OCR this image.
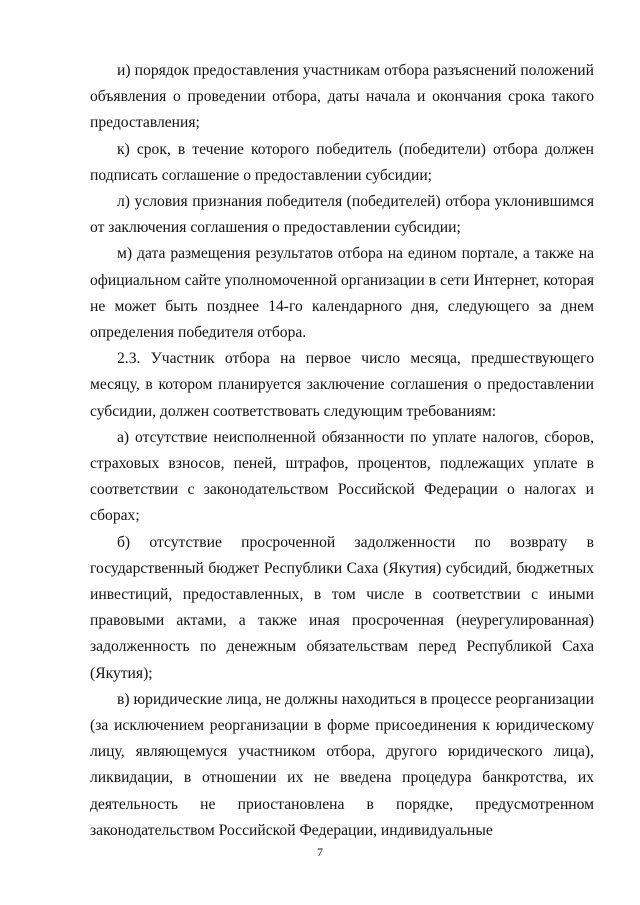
и) порядок предоставления участникам отбора разъяснений положений объявления о проведении отбора, даты начала и окончания срока такого предоставления;

к) срок, в течение которого победитель (победители) отбора должен подписать соглашение о предоставлении субсидии;

л) условия признания победителя (победителей) отбора уклонившимся от заключения соглашения о предоставлении субсидии;

м) дата размещения результатов отбора на едином портале, а также на официальном сайте уполномоченной организации в сети Интернет, которая не может быть позднее 14-го календарного дня, следующего за днем определения победителя отбора.

2.3. Участник отбора на первое число месяца, предшествующего месяцу, в котором планируется заключение соглашения о предоставлении субсидии, должен соответствовать следующим требованиям:

а) отсутствие неисполненной обязанности по уплате налогов, сборов, страховых взносов, пеней, штрафов, процентов, подлежащих уплате в соответствии с законодательством Российской Федерации о налогах и сборах;

б) отсутствие просроченной задолженности по возврату в государственный бюджет Республики Саха (Якутия) субсидий, бюджетных инвестиций, предоставленных, в том числе в соответствии с иными правовыми актами, а также иная просроченная (неурегулированная) задолженность по денежным обязательствам перед Республикой Саха (Якутия);

в) юридические лица, не должны находиться в процессе реорганизации (за исключением реорганизации в форме присоединения к юридическому лицу, являющемуся участником отбора, другого юридического лица), ликвидации, в отношении их не введена процедура банкротства, их деятельность не приостановлена в порядке, предусмотренном законодательством Российской Федерации, индивидуальные

7
